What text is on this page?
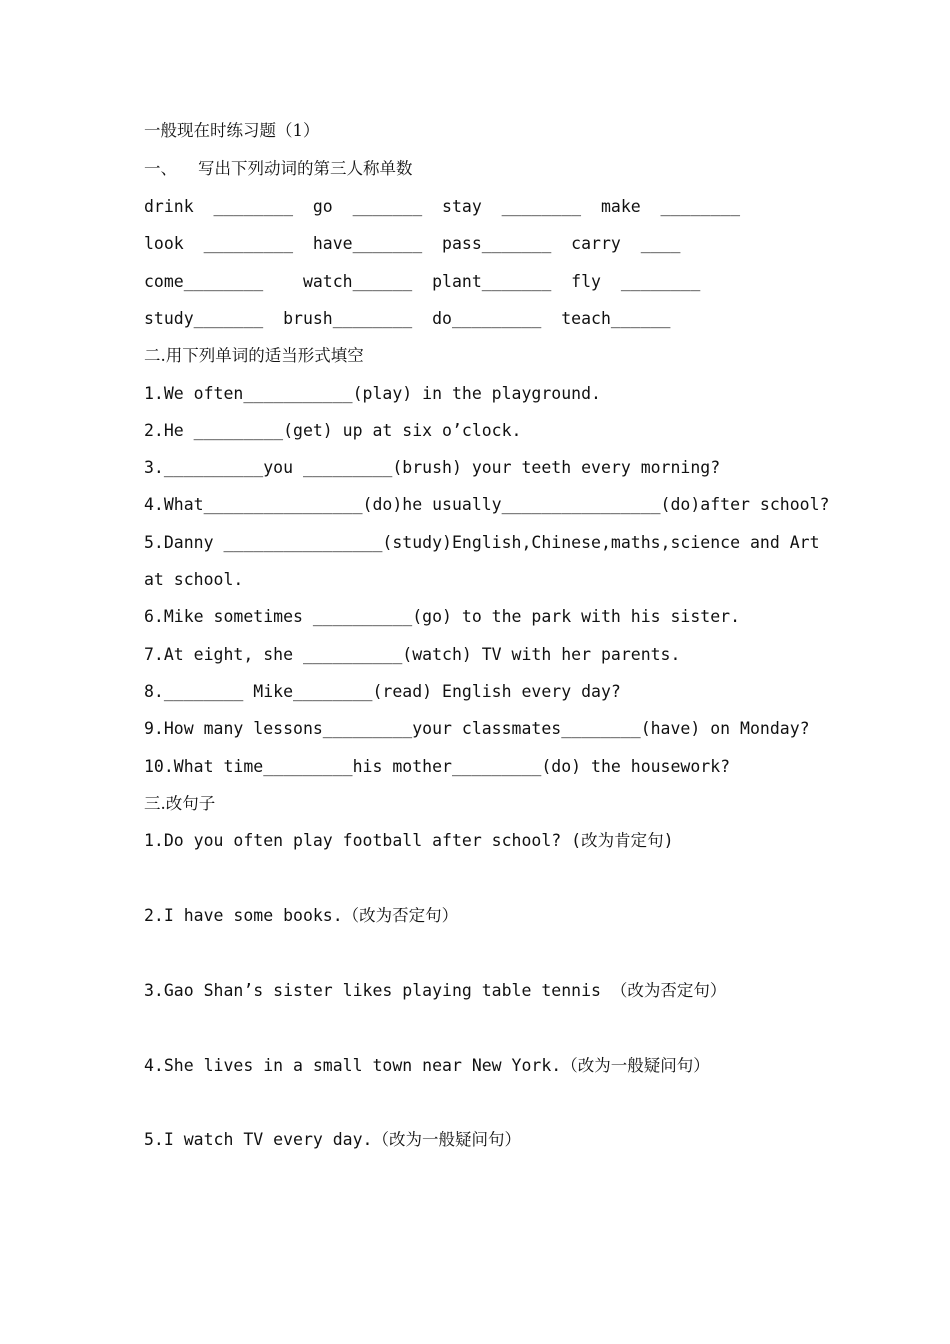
一般现在时练习题（1）
一、    写出下列动词的第三人称单数
drink  ________  go  _______  stay  ________  make  ________
look  _________  have_______  pass_______  carry  ____
come________    watch______  plant_______  fly  ________
study_______  brush________  do_________  teach______
二.用下列单词的适当形式填空
1.We often___________(play) in the playground.
2.He _________(get) up at six o’clock.
3.__________you _________(brush) your teeth every morning?
4.What________________(do)he usually________________(do)after school?
5.Danny ________________(study)English,Chinese,maths,science and Art
at school.
6.Mike sometimes __________(go) to the park with his sister.
7.At eight, she __________(watch) TV with her parents.
8.________ Mike________(read) English every day?
9.How many lessons_________your classmates________(have) on Monday?
10.What time_________his mother_________(do) the housework?
三.改句子
1.Do you often play football after school? (改为肯定句)
2.I have some books.（改为否定句）
3.Gao Shan’s sister likes playing table tennis （改为否定句）
4.She lives in a small town near New York.（改为一般疑问句）
5.I watch TV every day.（改为一般疑问句）
